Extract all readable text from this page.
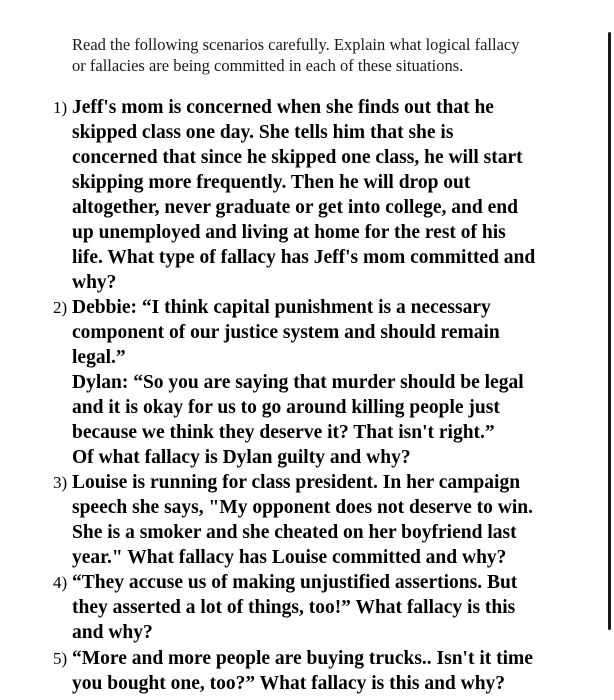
Read the following scenarios carefully. Explain what logical fallacy
or fallacies are being committed in each of these situations.
1) Jeff's mom is concerned when she finds out that he
skipped class one day. She tells him that she is
concerned that since he skipped one class, he will start
skipping more frequently. Then he will drop out
altogether, never graduate or get into college, and end
up unemployed and living at home for the rest of his
life. What type of fallacy has Jeff's mom committed and
why?
2) Debbie: “I think capital punishment is a necessary
component of our justice system and should remain
legal.”
Dylan: “So you are saying that murder should be legal
and it is okay for us to go around killing people just
because we think they deserve it? That isn't right.”
Of what fallacy is Dylan guilty and why?
3) Louise is running for class president. In her campaign
speech she says, "My opponent does not deserve to win.
She is a smoker and she cheated on her boyfriend last
year." What fallacy has Louise committed and why?
4) “They accuse us of making unjustified assertions. But
they asserted a lot of things, too!” What fallacy is this
and why?
5) “More and more people are buying trucks.. Isn't it time
you bought one, too?” What fallacy is this and why?
